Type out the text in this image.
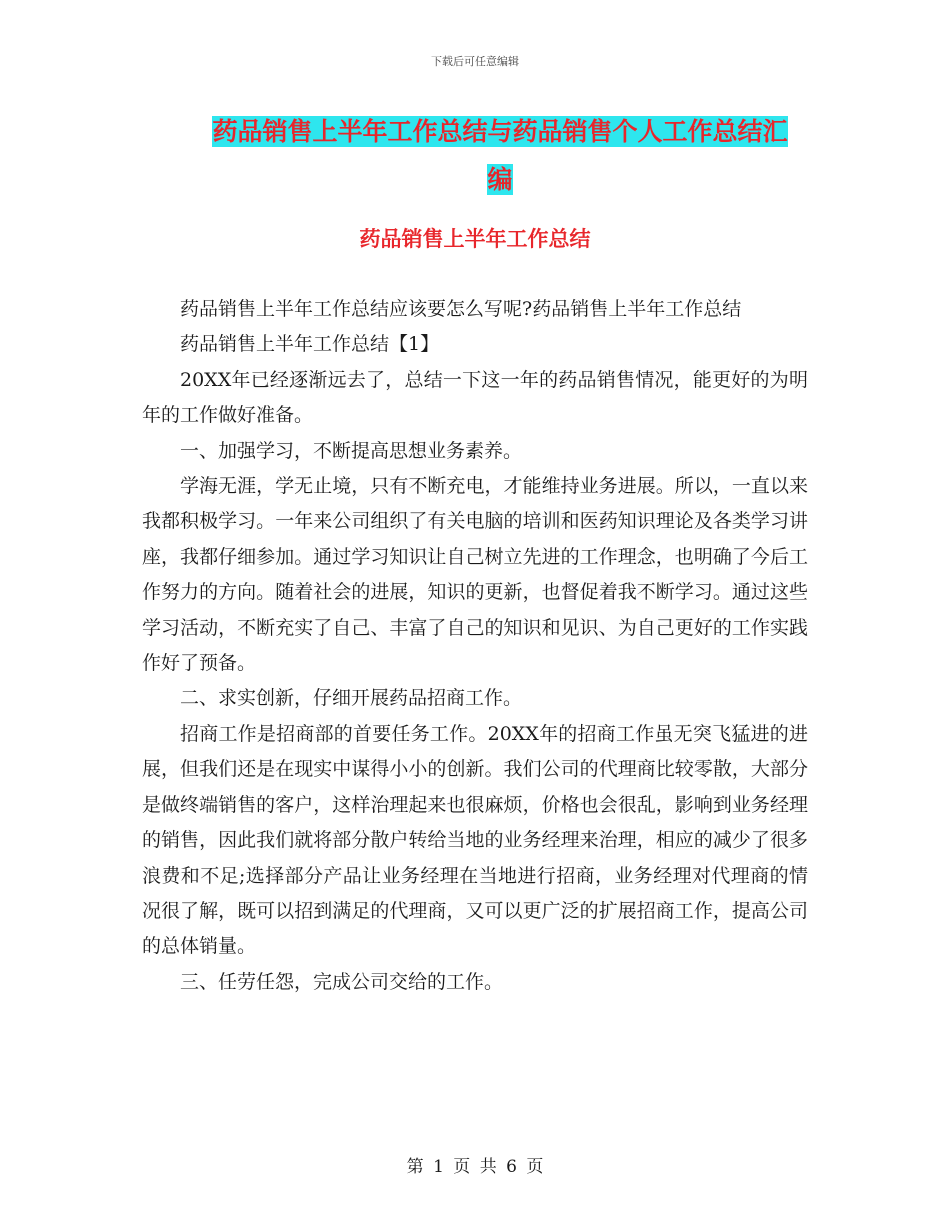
下载后可任意编辑
药品销售上半年工作总结与药品销售个人工作总结汇
编
药品销售上半年工作总结

药品销售上半年工作总结应该要怎么写呢?药品销售上半年工作总结

药品销售上半年工作总结【1】

20XX年已经逐渐远去了，总结一下这一年的药品销售情况，能更好的为明年的工作做好准备。

一、加强学习，不断提高思想业务素养。

学海无涯，学无止境，只有不断充电，才能维持业务进展。所以，一直以来我都积极学习。一年来公司组织了有关电脑的培训和医药知识理论及各类学习讲座，我都仔细参加。通过学习知识让自己树立先进的工作理念，也明确了今后工作努力的方向。随着社会的进展，知识的更新，也督促着我不断学习。通过这些学习活动，不断充实了自己、丰富了自己的知识和见识、为自己更好的工作实践作好了预备。

二、求实创新，仔细开展药品招商工作。

招商工作是招商部的首要任务工作。20XX年的招商工作虽无突飞猛进的进展，但我们还是在现实中谋得小小的创新。我们公司的代理商比较零散，大部分是做终端销售的客户，这样治理起来也很麻烦，价格也会很乱，影响到业务经理的销售，因此我们就将部分散户转给当地的业务经理来治理，相应的减少了很多浪费和不足;选择部分产品让业务经理在当地进行招商，业务经理对代理商的情况很了解，既可以招到满足的代理商，又可以更广泛的扩展招商工作，提高公司的总体销量。

三、任劳任怨，完成公司交给的工作。

第 1 页 共 6 页
